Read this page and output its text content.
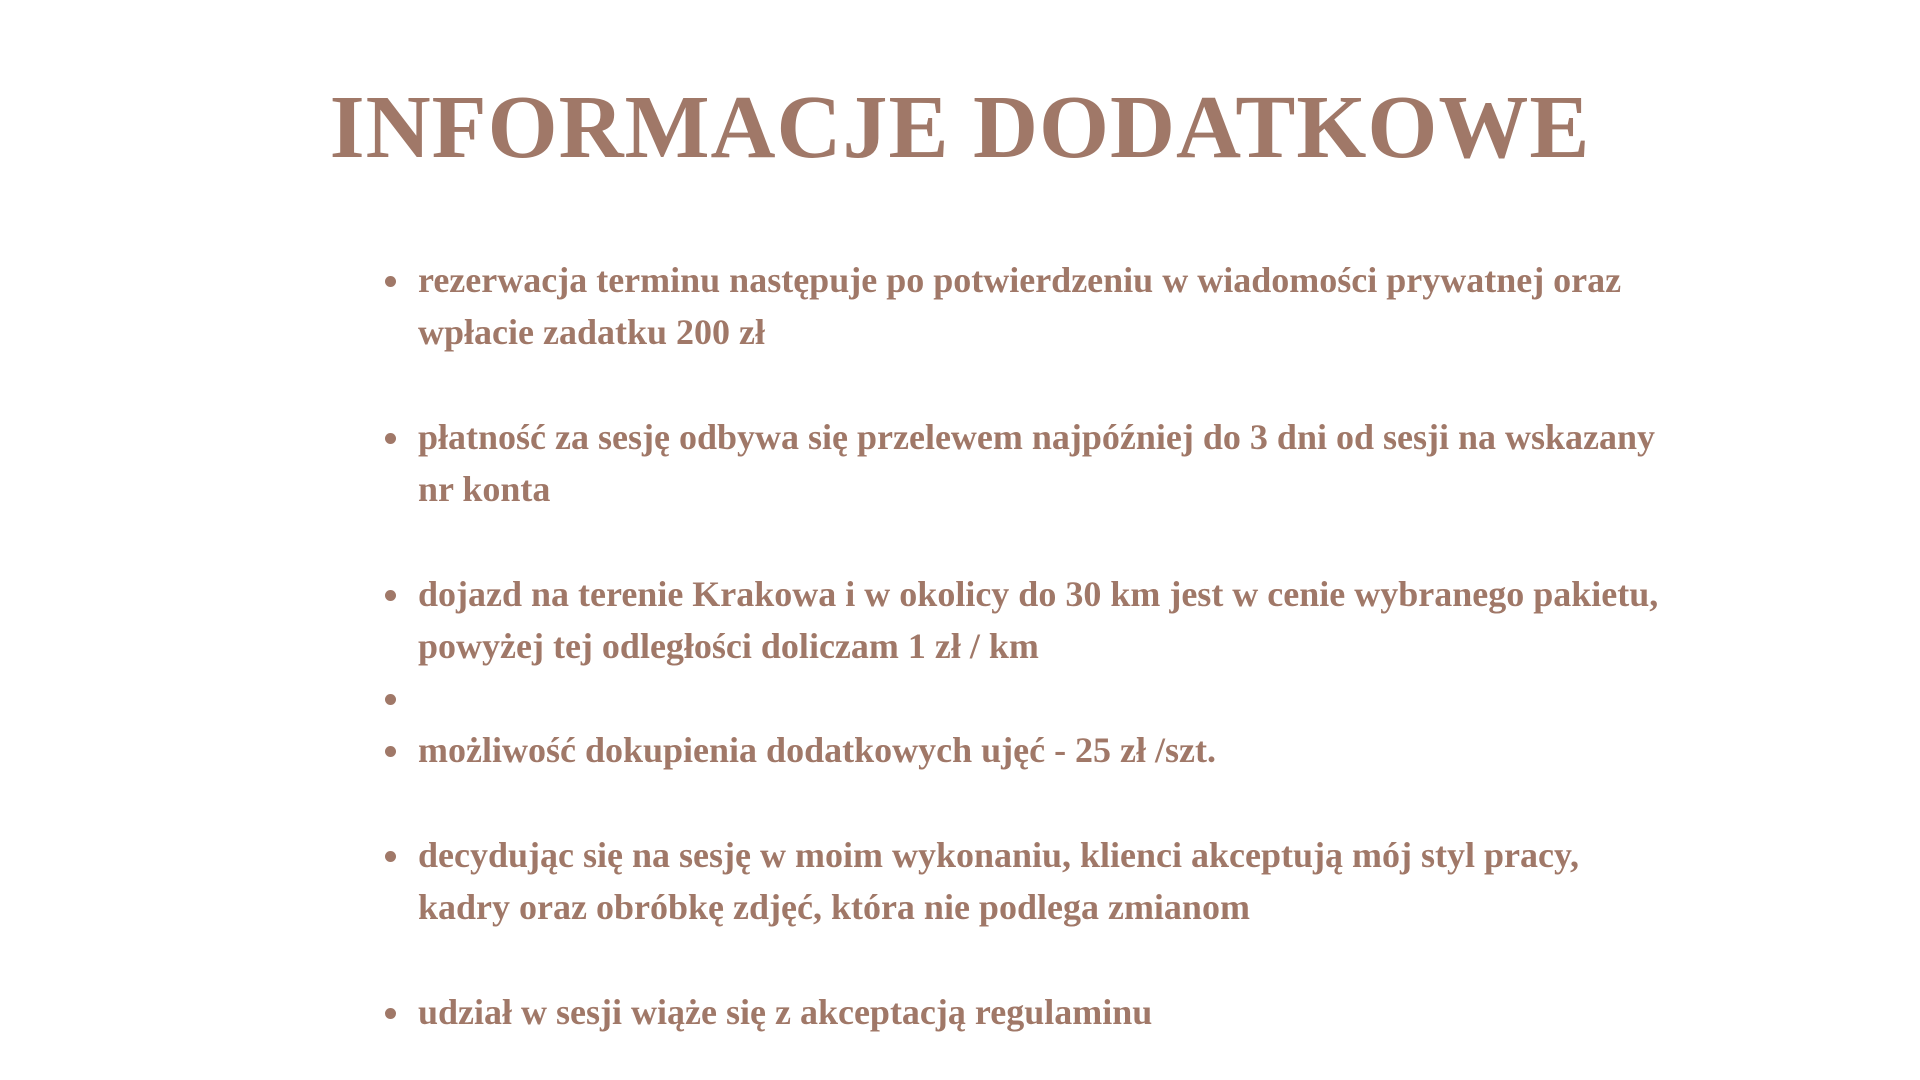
INFORMACJE DODATKOWE
rezerwacja terminu następuje po potwierdzeniu w wiadomości prywatnej oraz wpłacie zadatku 200 zł
płatność za sesję odbywa się przelewem najpóźniej do 3 dni od sesji na wskazany nr konta
dojazd na terenie Krakowa i w okolicy do 30 km jest w cenie wybranego pakietu, powyżej tej odległości doliczam 1 zł / km
możliwość dokupienia dodatkowych ujęć - 25 zł /szt.
decydując się na sesję w moim wykonaniu, klienci akceptują mój styl pracy, kadry oraz obróbkę zdjęć, która nie podlega zmianom
udział w sesji wiąże się z akceptacją regulaminu
